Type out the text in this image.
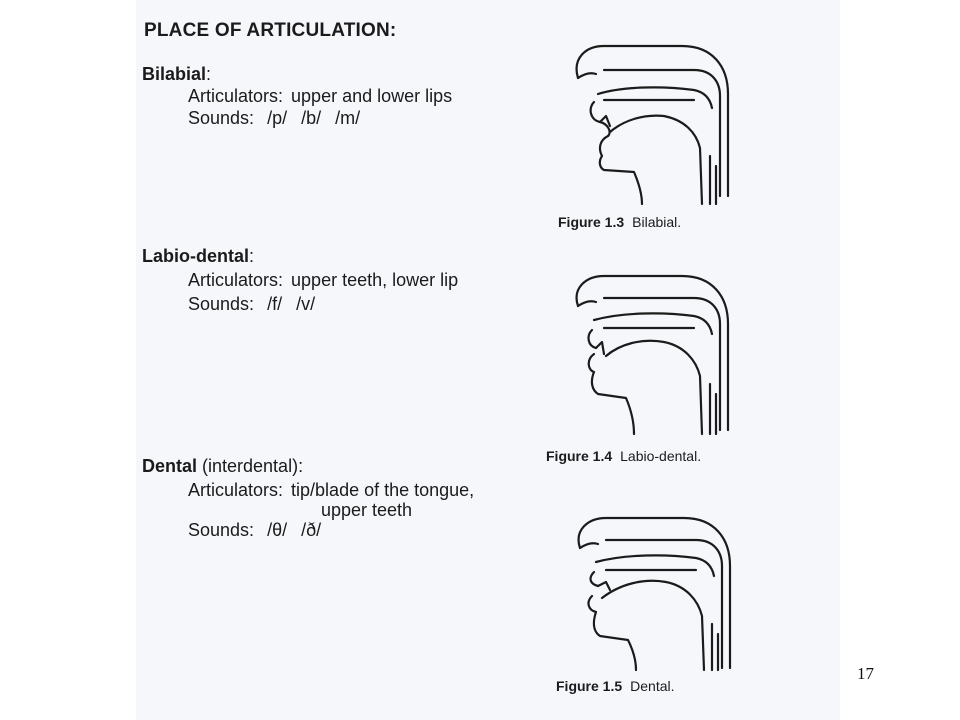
PLACE OF ARTICULATION:
Bilabial:
Articulators: upper and lower lips
Sounds: /p/ /b/ /m/
Labio-dental:
Articulators: upper teeth, lower lip
Sounds: /f/ /v/
Dental (interdental):
Articulators: tip/blade of the tongue,
upper teeth
Sounds: /θ/ /ð/
Figure 1.3 Bilabial.
Figure 1.4 Labio-dental.
Figure 1.5 Dental.
17
